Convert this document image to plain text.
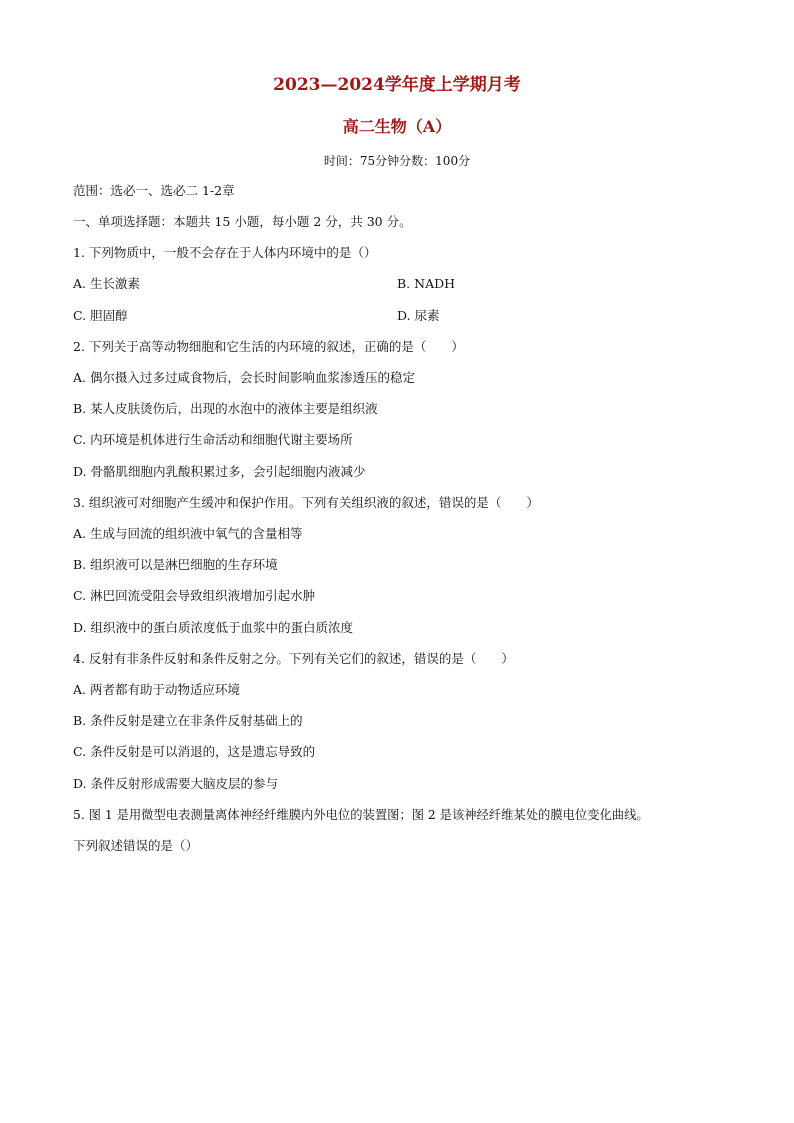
2023—2024学年度上学期月考
高二生物（A）
时间：75分钟分数：100分
范围：选必一、选必二 1-2章
一、单项选择题：本题共 15 小题，每小题 2 分，共 30 分。
1. 下列物质中，一般不会存在于人体内环境中的是（）
A. 生长激素	B. NADH
C. 胆固醇	D. 尿素
2. 下列关于高等动物细胞和它生活的内环境的叙述，正确的是（　　）
A. 偶尔摄入过多过咸食物后，会长时间影响血浆渗透压的稳定
B. 某人皮肤烫伤后，出现的水泡中的液体主要是组织液
C. 内环境是机体进行生命活动和细胞代谢主要场所
D. 骨骼肌细胞内乳酸积累过多，会引起细胞内液减少
3. 组织液可对细胞产生缓冲和保护作用。下列有关组织液的叙述，错误的是（　　）
A. 生成与回流的组织液中氧气的含量相等
B. 组织液可以是淋巴细胞的生存环境
C. 淋巴回流受阻会导致组织液增加引起水肿
D. 组织液中的蛋白质浓度低于血浆中的蛋白质浓度
4. 反射有非条件反射和条件反射之分。下列有关它们的叙述，错误的是（　　）
A. 两者都有助于动物适应环境
B. 条件反射是建立在非条件反射基础上的
C. 条件反射是可以消退的，这是遗忘导致的
D. 条件反射形成需要大脑皮层的参与
5. 图 1 是用微型电表测量离体神经纤维膜内外电位的装置图；图 2 是该神经纤维某处的膜电位变化曲线。
下列叙述错误的是（）
